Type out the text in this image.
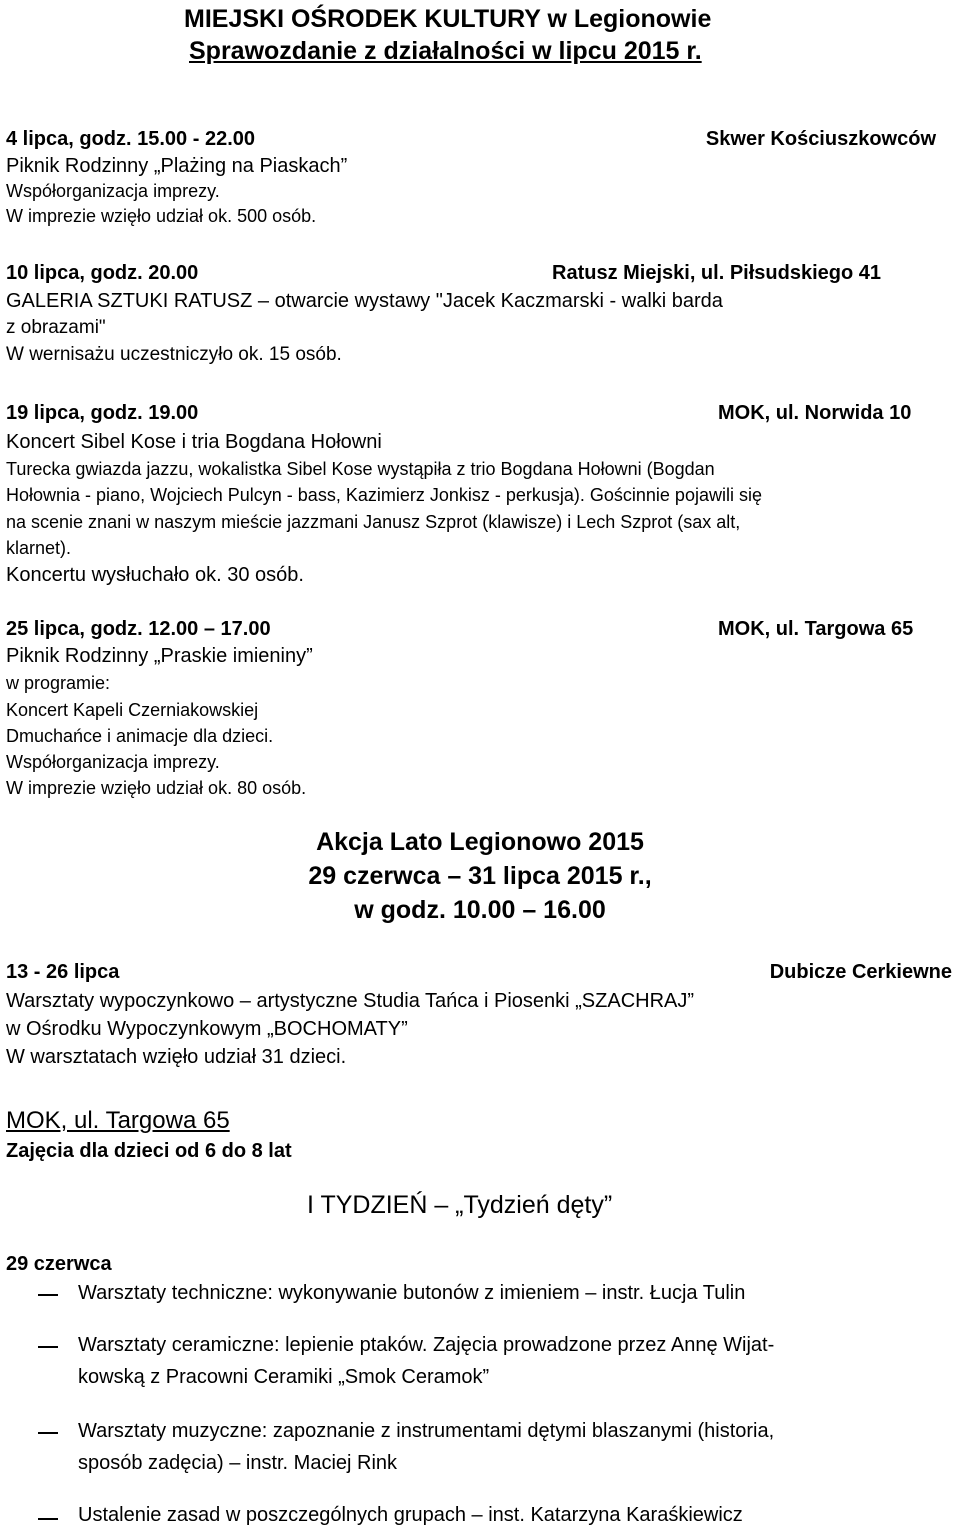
MIEJSKI OŚRODEK KULTURY w Legionowie
Sprawozdanie z działalności w lipcu 2015 r.
4 lipca, godz. 15.00 - 22.00	Skwer Kościuszkowców
Piknik Rodzinny „Plażing na Piaskach”
Współorganizacja imprezy.
W imprezie wzięło udział ok. 500 osób.
10 lipca, godz. 20.00	Ratusz Miejski, ul. Piłsudskiego 41
GALERIA SZTUKI RATUSZ – otwarcie wystawy "Jacek Kaczmarski - walki barda
z obrazami"
W wernisażu uczestniczyło ok. 15 osób.
19 lipca, godz. 19.00	MOK, ul. Norwida 10
Koncert Sibel Kose i tria Bogdana Hołowni
Turecka gwiazda jazzu, wokalistka Sibel Kose wystąpiła z trio Bogdana Hołowni (Bogdan
Hołownia - piano, Wojciech Pulcyn - bass, Kazimierz Jonkisz - perkusja). Gościnnie pojawili się
na scenie znani w naszym mieście jazzmani Janusz Szprot (klawisze) i Lech Szprot (sax alt,
klarnet).
Koncertu wysłuchało ok. 30 osób.
25 lipca, godz. 12.00 – 17.00	MOK, ul. Targowa 65
Piknik Rodzinny „Praskie imieniny”
w programie:
Koncert Kapeli Czerniakowskiej
Dmuchańce i animacje dla dzieci.
Współorganizacja imprezy.
W imprezie wzięło udział ok. 80 osób.
Akcja Lato Legionowo 2015
29 czerwca – 31 lipca 2015 r.,
w godz. 10.00 – 16.00
13 - 26 lipca	Dubicze Cerkiewne
Warsztaty wypoczynkowo – artystyczne Studia Tańca i Piosenki „SZACHRAJ”
w Ośrodku Wypoczynkowym „BOCHOMATY”
W warsztatach wzięło udział 31 dzieci.
MOK, ul. Targowa 65
Zajęcia dla dzieci od 6 do 8 lat
I TYDZIEŃ – „Tydzień dęty”
29 czerwca
Warsztaty techniczne: wykonywanie butonów z imieniem – instr. Łucja Tulin
Warsztaty ceramiczne: lepienie ptaków. Zajęcia prowadzone przez Annę Wijat-
kowską z Pracowni Ceramiki „Smok Ceramok”
Warsztaty muzyczne: zapoznanie z instrumentami dętymi blaszanymi (historia,
sposób zadęcia) – instr. Maciej Rink
Ustalenie zasad w poszczególnych grupach – inst. Katarzyna Karaśkiewicz
